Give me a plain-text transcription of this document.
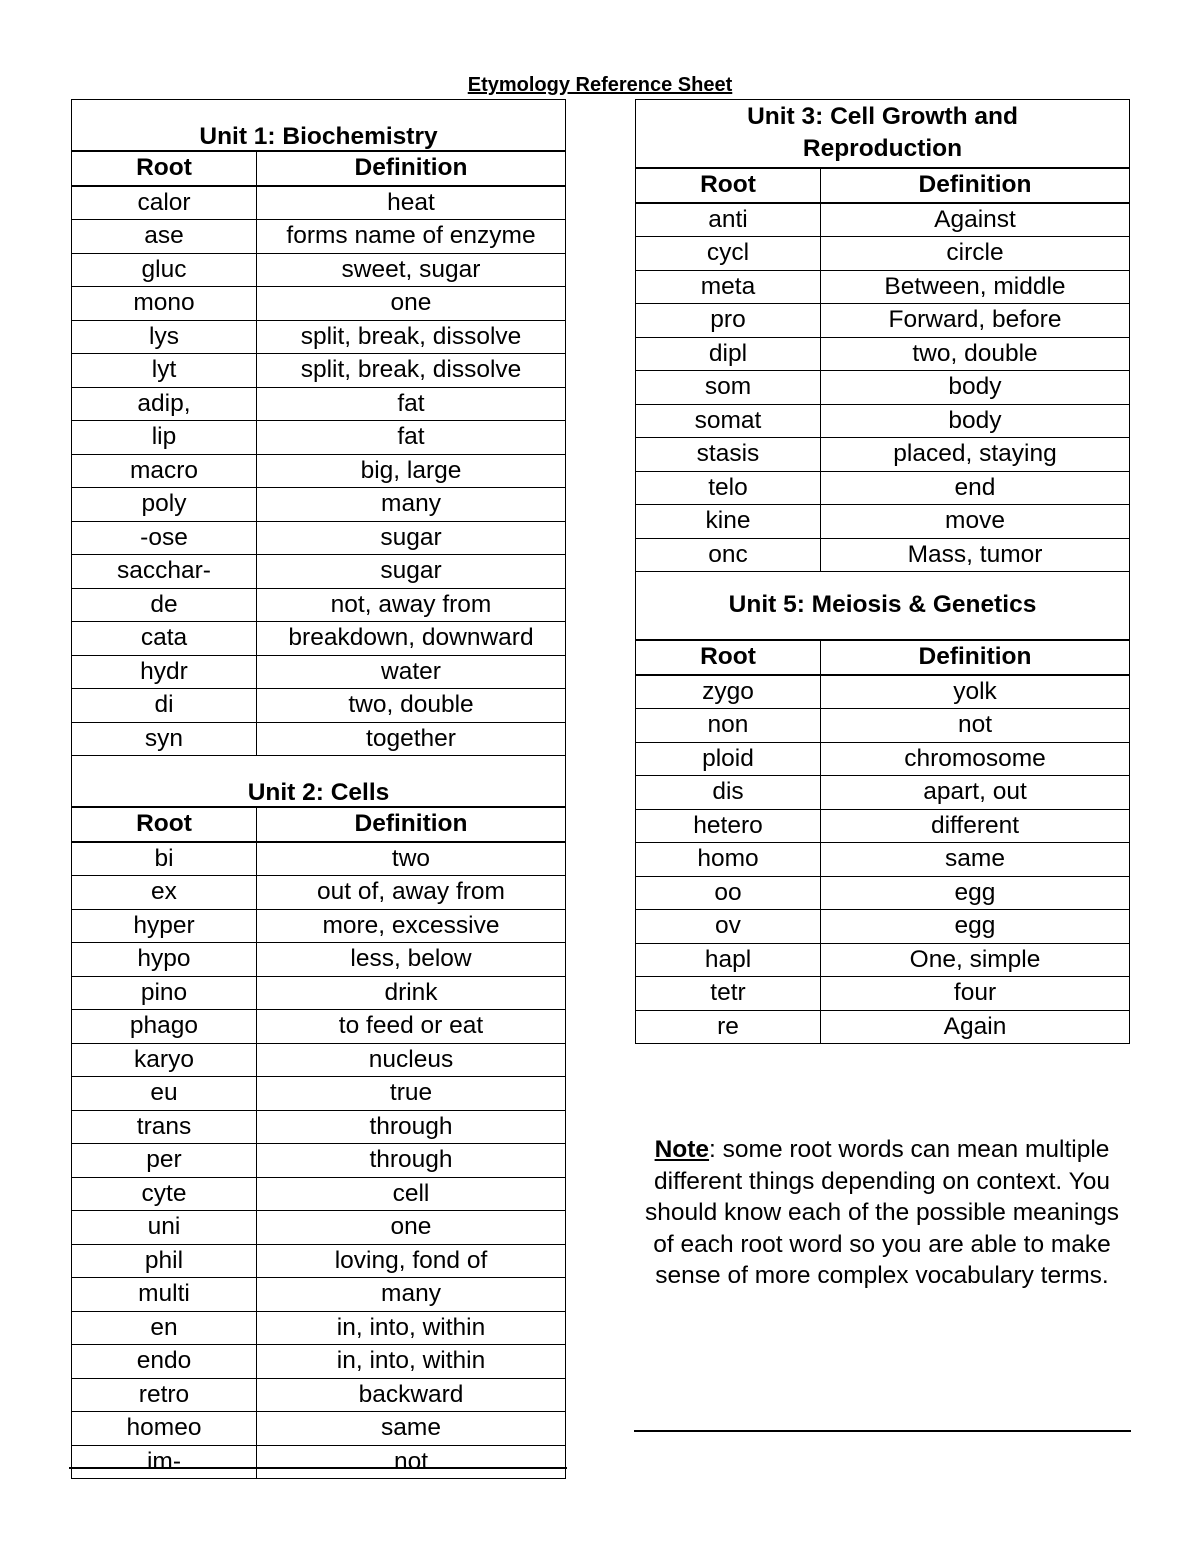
Etymology Reference Sheet
Unit 1: Biochemistry	
Root	Definition
calor	heat
ase	forms name of enzyme
gluc	sweet, sugar
mono	one
lys	split, break, dissolve
lyt	split, break, dissolve
adip,	fat
lip	fat
macro	big, large
poly	many
-ose	sugar
sacchar-	sugar
de	not, away from
cata	breakdown, downward
hydr	water
di	two, double
syn	together
Unit 2: Cells	
Root	Definition
bi	two
ex	out of, away from
hyper	more, excessive
hypo	less, below
pino	drink
phago	to feed or eat
karyo	nucleus
eu	true
trans	through
per	through
cyte	cell
uni	one
phil	loving, fond of
multi	many
en	in, into, within
endo	in, into, within
retro	backward
homeo	same
im-	not
Unit 3: Cell Growth and
Reproduction	
Root	Definition
anti	Against
cycl	circle
meta	Between, middle
pro	Forward, before
dipl	two, double
som	body
somat	body
stasis	placed, staying
telo	end
kine	move
onc	Mass, tumor
Unit 5: Meiosis & Genetics	
Root	Definition
zygo	yolk
non	not
ploid	chromosome
dis	apart, out
hetero	different
homo	same
oo	egg
ov	egg
hapl	One, simple
tetr	four
re	Again
Note: some root words can mean multiple different things depending on context. You should know each of the possible meanings of each root word so you are able to make sense of more complex vocabulary terms.
